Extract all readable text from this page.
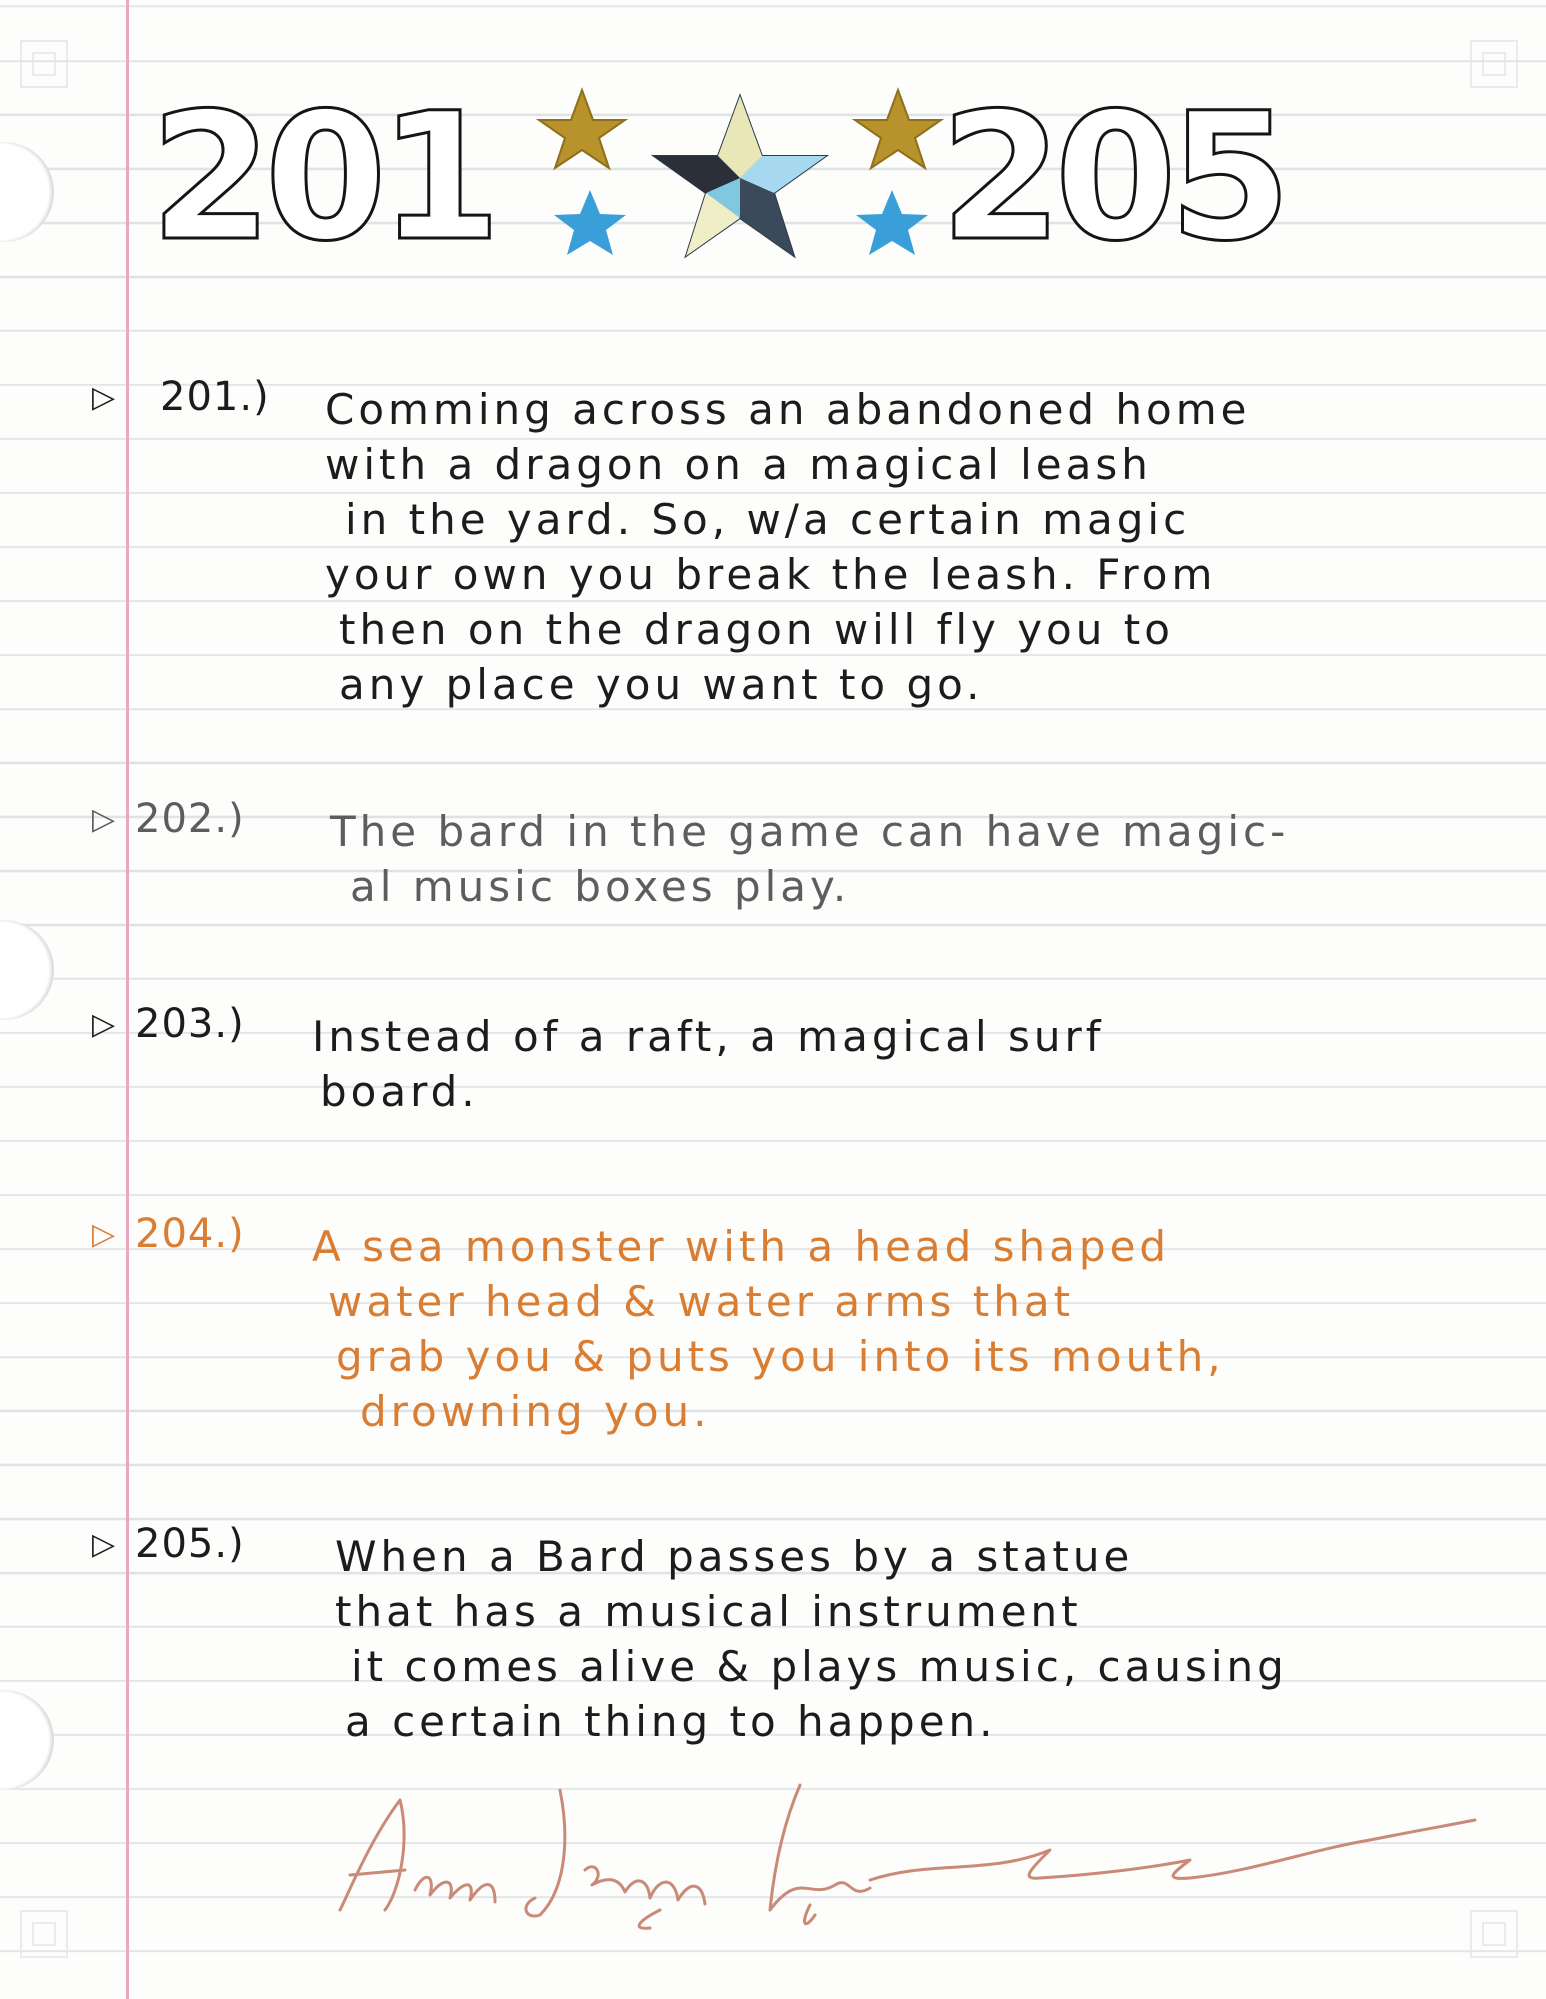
201	205
▷ 201.) Comming across an abandoned home
with a dragon on a magical leash
in the yard. So, w/a certain magic
your own you break the leash. From
then on the dragon will fly you to
any place you want to go.
▷ 202.) The bard in the game can have magic-
al music boxes play.
▷ 203.) Instead of a raft, a magical surf
board.
▷ 204.) A sea monster with a head shaped
water head & water arms that
grab you & puts you into its mouth,
drowning you.
▷ 205.) When a Bard passes by a statue
that has a musical instrument
it comes alive & plays music, causing
a certain thing to happen.
